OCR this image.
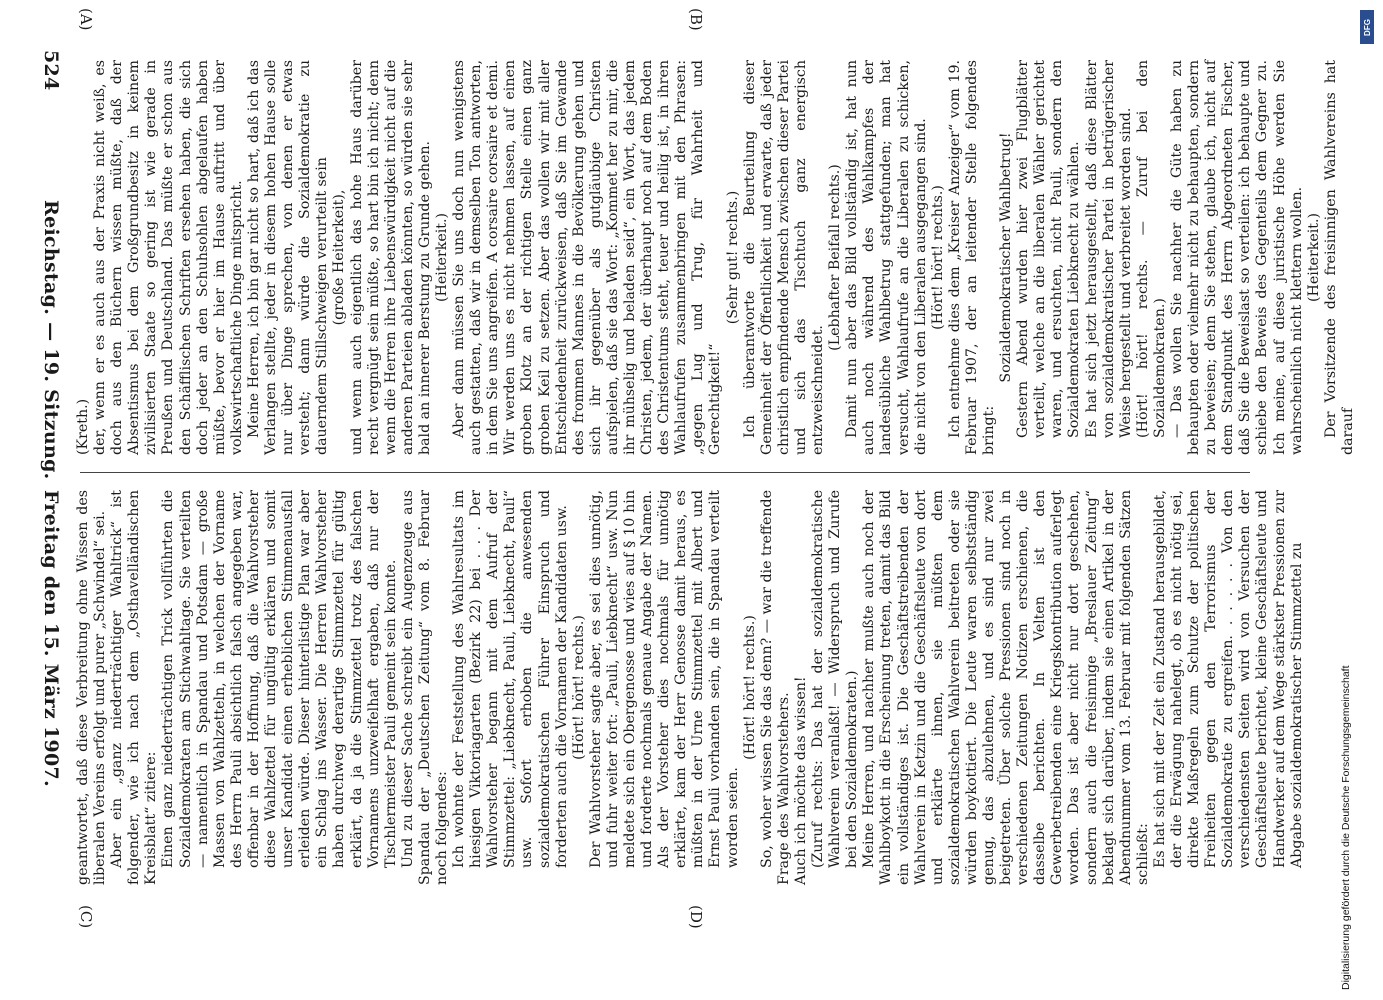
524
Reichstag. — 19. Sitzung.
Freitag den 15. März 1907.
(A)	(B)
(C)	(D)

(Kreth.) der, wenn er es auch aus der Praxis nicht weiß, es doch aus den Büchern wissen müßte, daß der Absentismus bei dem Großgrundbesitz in keinem zivilisierten Staate so gering ist wie gerade in Preußen und Deutschland. Das müßte er schon aus den Schäfflischen Schriften ersehen haben, die sich doch jeder an den Schuhsohlen abgelaufen haben müßte, bevor er hier im Hause auftritt und über volkswirtschaftliche Dinge mitspricht. Meine Herren, ich bin gar nicht so hart, daß ich das Verlangen stellte, jeder in diesem hohen Hause solle nur über Dinge sprechen, von denen er etwas versteht; dann würde die Sozialdemokratie zu dauerndem Stillschweigen verurteilt sein (große Heiterkeit), und wenn auch eigentlich das hohe Haus darüber recht vergnügt sein müßte, so hart bin ich nicht; denn wenn die Herren ihre Liebenswürdigkeit nicht auf die anderen Parteien abladen könnten, so würden sie sehr bald an innerer Berstung zu Grunde gehen. (Heiterkeit.) Aber dann müssen Sie uns doch nun wenigstens auch gestatten, daß wir in demselben Ton antworten, in dem Sie uns angreifen. A corsaire corsaire et demi. Wir werden uns es nicht nehmen lassen, auf einen groben Klotz an der richtigen Stelle einen ganz groben Keil zu setzen. Aber das wollen wir mit aller Entschiedenheit zurückweisen, daß Sie im Gewande des frommen Mannes in die Bevölkerung gehen und sich ihr gegenüber als gutgläubige Christen aufspielen, daß sie das Wort: „Kommet her zu mir, die ihr mühselig und beladen seid“, ein Wort, das jedem Christen, jedem, der überhaupt noch auf dem Boden des Christentums steht, teuer und heilig ist, in ihren Wahlaufrufen zusammenbringen mit den Phrasen: „gegen Lug und Trug, für Wahrheit und Gerechtigkeit!“

(Sehr gut! rechts.) Ich überantworte die Beurteilung dieser Gemeinheit der Öffentlichkeit und erwarte, daß jeder christlich empfindende Mensch zwischen dieser Partei und sich das Tischtuch ganz energisch entzweischneidet.

(Lebhafter Beifall rechts.) Damit nun aber das Bild vollständig ist, hat nun auch noch während des Wahlkampfes der landesübliche Wahlbetrug stattgefunden; man hat versucht, Wahlaufrufe an die Liberalen zu schicken, die nicht von den Liberalen ausgegangen sind. (Hört! hört! rechts.) Ich entnehme dies dem „Kreiser Anzeiger“ vom 19. Februar 1907, der an leitender Stelle folgendes bringt:

Sozialdemokratischer Wahlbetrug! Gestern Abend wurden hier zwei Flugblätter verteilt, welche an die liberalen Wähler gerichtet waren, und ersuchten, nicht Pauli, sondern den Sozialdemokraten Liebknecht zu wählen. Es hat sich jetzt herausgestellt, daß diese Blätter von sozialdemokratischer Partei in betrügerischer Weise hergestellt und verbreitet worden sind. (Hört! hört! rechts. — Zuruf bei den Sozialdemokraten.) — Das wollen Sie nachher die Güte haben zu behaupten oder vielmehr nicht zu behaupten, sondern zu beweisen; denn Sie stehen, glaube ich, nicht auf dem Standpunkt des Herrn Abgeordneten Fischer, daß Sie die Beweislast so verteilen: ich behaupte und schiebe den Beweis des Gegenteils dem Gegner zu. Ich meine, auf diese juristische Höhe werden Sie wahrscheinlich nicht klettern wollen. (Heiterkeit.) Der Vorsitzende des freisinnigen Wahlvereins hat darauf

geantwortet, daß diese Verbreitung ohne Wissen des liberalen Vereins erfolgt und purer „Schwindel“ sei. Aber ein „ganz niederträchtiger Wahltrick“ ist folgender, wie ich nach dem „Osthavelländischen Kreisblatt“ zitiere: Einen ganz niederträchtigen Trick vollführten die Sozialdemokraten am Stichwahltage. Sie verteilten — namentlich in Spandau und Potsdam — große Massen von Wahlzetteln, in welchen der Vorname des Herrn Pauli absichtlich falsch angegeben war, offenbar in der Hoffnung, daß die Wahlvorsteher diese Wahlzettel für ungültig erklären und somit unser Kandidat einen erheblichen Stimmenausfall erleiden würde. Dieser hinterlistige Plan war aber ein Schlag ins Wasser. Die Herren Wahlvorsteher haben durchweg derartige Stimmzettel für gültig erklärt, da ja die Stimmzettel trotz des falschen Vornamens unzweifelhaft ergaben, daß nur der Tischlermeister Pauli gemeint sein konnte. Und zu dieser Sache schreibt ein Augenzeuge aus Spandau der „Deutschen Zeitung“ vom 8. Februar noch folgendes: Ich wohnte der Feststellung des Wahlresultats im hiesigen Viktoriagarten (Bezirk 22) bei . . . Der Wahlvorsteher begann mit dem Aufruf der Stimmzettel: „Liebknecht, Pauli, Liebknecht, Pauli“ usw. Sofort erhoben die anwesenden sozialdemokratischen Führer Einspruch und forderten auch die Vornamen der Kandidaten usw. (Hört! hört! rechts.) Der Wahlvorsteher sagte aber, es sei dies unnötig, und fuhr weiter fort: „Pauli, Liebknecht“ usw. Nun meldete sich ein Obergenosse und wies auf § 10 hin und forderte nochmals genaue Angabe der Namen. Als der Vorsteher dies nochmals für unnötig erklärte, kam der Herr Genosse damit heraus, es müßten in der Urne Stimmzettel mit Albert und Ernst Pauli vorhanden sein, die in Spandau verteilt worden seien.

(Hört! hört! rechts.) So, woher wissen Sie das denn? — war die treffende Frage des Wahlvorstehers. Auch ich möchte das wissen! (Zuruf rechts: Das hat der sozialdemokratische Wahlverein veranlaßt! — Widerspruch und Zurufe bei den Sozialdemokraten.) Meine Herren, und nachher mußte auch noch der Wahlboykott in die Erscheinung treten, damit das Bild ein vollständiges ist. Die Geschäftstreibenden der Wahlverein in Ketzin und die Geschäftsleute von dort und erklärte ihnen, sie müßten dem sozialdemokratischen Wahlverein beitreten oder sie würden boykottiert. Die Leute waren selbstständig genug, das abzulehnen, und es sind nur zwei beigetreten. Über solche Pressionen sind noch in verschiedenen Zeitungen Notizen erschienen, die dasselbe berichten. In Velten ist den Gewerbetreibenden eine Kriegskontribution auferlegt worden. Das ist aber nicht nur dort geschehen, sondern auch die freisinnige „Breslauer Zeitung“ beklagt sich darüber, indem sie einen Artikel in der Abendnummer vom 13. Februar mit folgenden Sätzen schließt: Es hat sich mit der Zeit ein Zustand herausgebildet, der die Erwägung nahelegt, ob es nicht nötig sei, direkte Maßregeln zum Schutze der politischen Freiheiten gegen den Terrorismus der Sozialdemokratie zu ergreifen. . . . . . Von den verschiedensten Seiten wird von Versuchen der Geschäftsleute berichtet, kleine Geschäftsleute und Handwerker auf dem Wege stärkster Pressionen zur Abgabe sozialdemokratischer Stimmzettel zu

DFG
Digitalisierung gefördert durch die Deutsche Forschungsgemeinschaft
